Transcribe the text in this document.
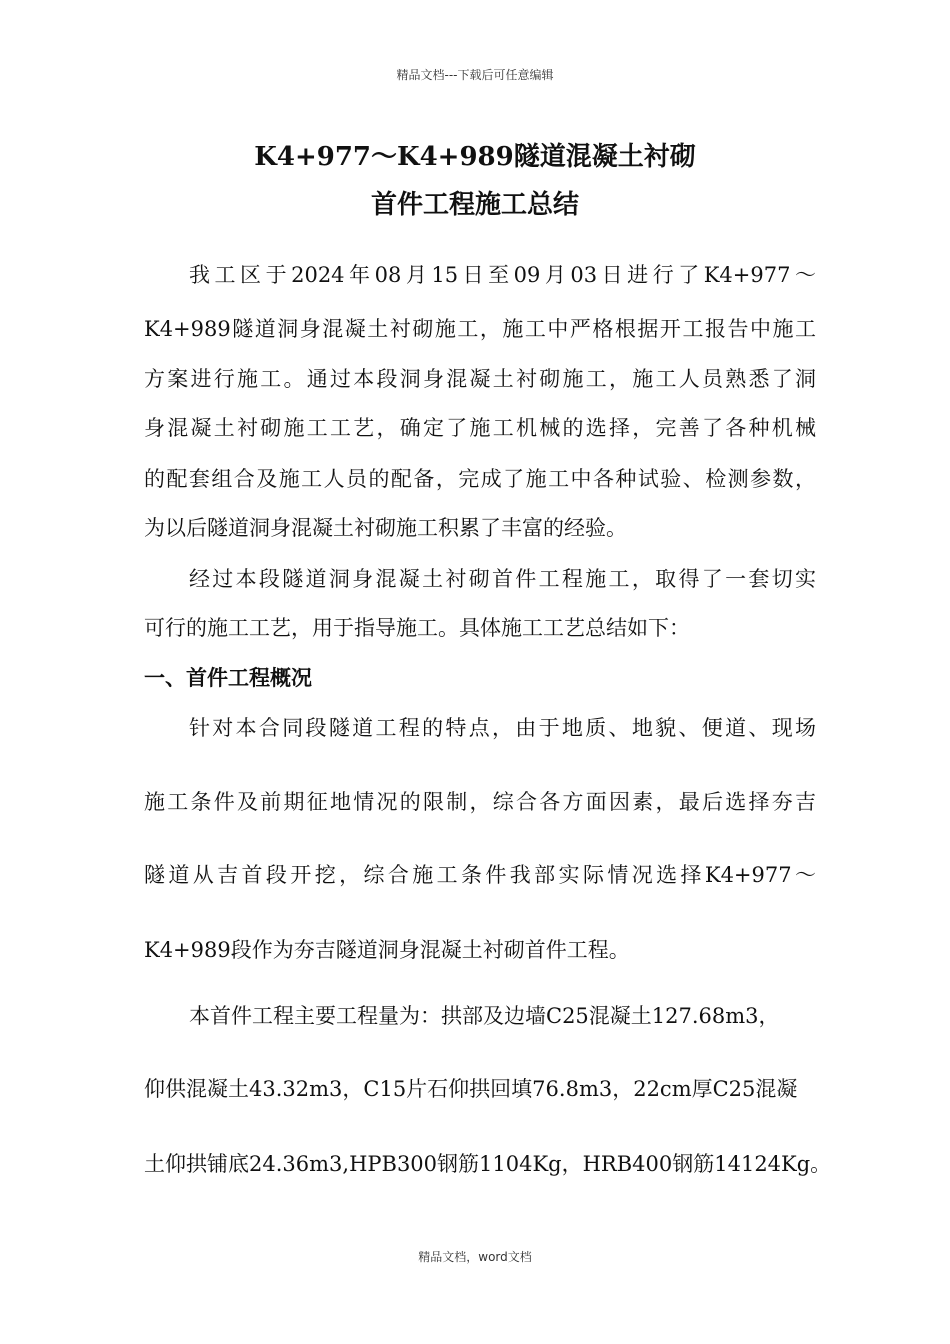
精品文档---下载后可任意编辑
K4+977～K4+989隧道混凝土衬砌
首件工程施工总结
我工区于2024年08月15日至09月03日进行了K4+977～
K4+989隧道洞身混凝土衬砌施工，施工中严格根据开工报告中施工
方案进行施工。通过本段洞身混凝土衬砌施工，施工人员熟悉了洞
身混凝土衬砌施工工艺，确定了施工机械的选择，完善了各种机械
的配套组合及施工人员的配备，完成了施工中各种试验、检测参数，
为以后隧道洞身混凝土衬砌施工积累了丰富的经验。
经过本段隧道洞身混凝土衬砌首件工程施工，取得了一套切实
可行的施工工艺，用于指导施工。具体施工工艺总结如下：
一、首件工程概况
针对本合同段隧道工程的特点，由于地质、地貌、便道、现场
施工条件及前期征地情况的限制，综合各方面因素，最后选择夯吉
隧道从吉首段开挖，综合施工条件我部实际情况选择K4+977～
K4+989段作为夯吉隧道洞身混凝土衬砌首件工程。
本首件工程主要工程量为：拱部及边墙C25混凝土127.68m3，
仰供混凝土43.32m3，C15片石仰拱回填76.8m3，22cm厚C25混凝
土仰拱铺底24.36m3,HPB300钢筋1104Kg，HRB400钢筋14124Kg。
精品文档，word文档
